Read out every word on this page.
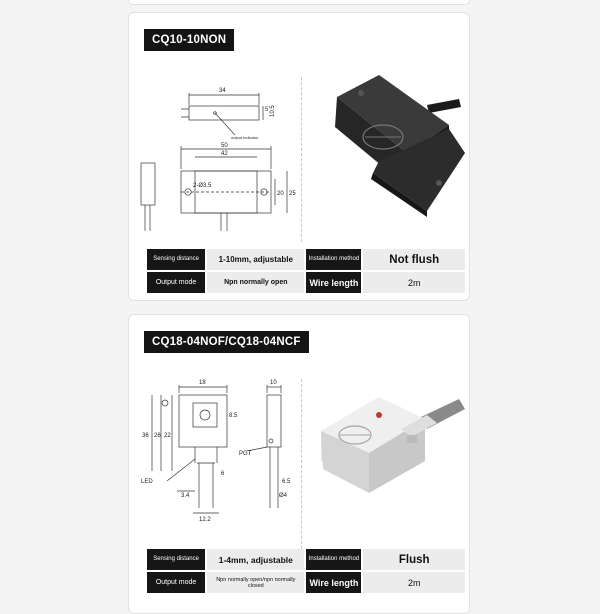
CQ10-10NON
34
5 10.5
output indicator
50
42
2-Ø3.5
20 25
Sensing distance	1-10mm, adjustable	Installation method	Not flush
Output mode	Npn normally open	Wire length	2m
CQ18-04NOF/CQ18-04NCF
18	10
8.5
36 26 22
3.4
12.2
6
6.5
Ø4
LED
PGT
Sensing distance	1-4mm, adjustable	Installation method	Flush
Output mode	Npn normally open/npn normally closed	Wire length	2m
